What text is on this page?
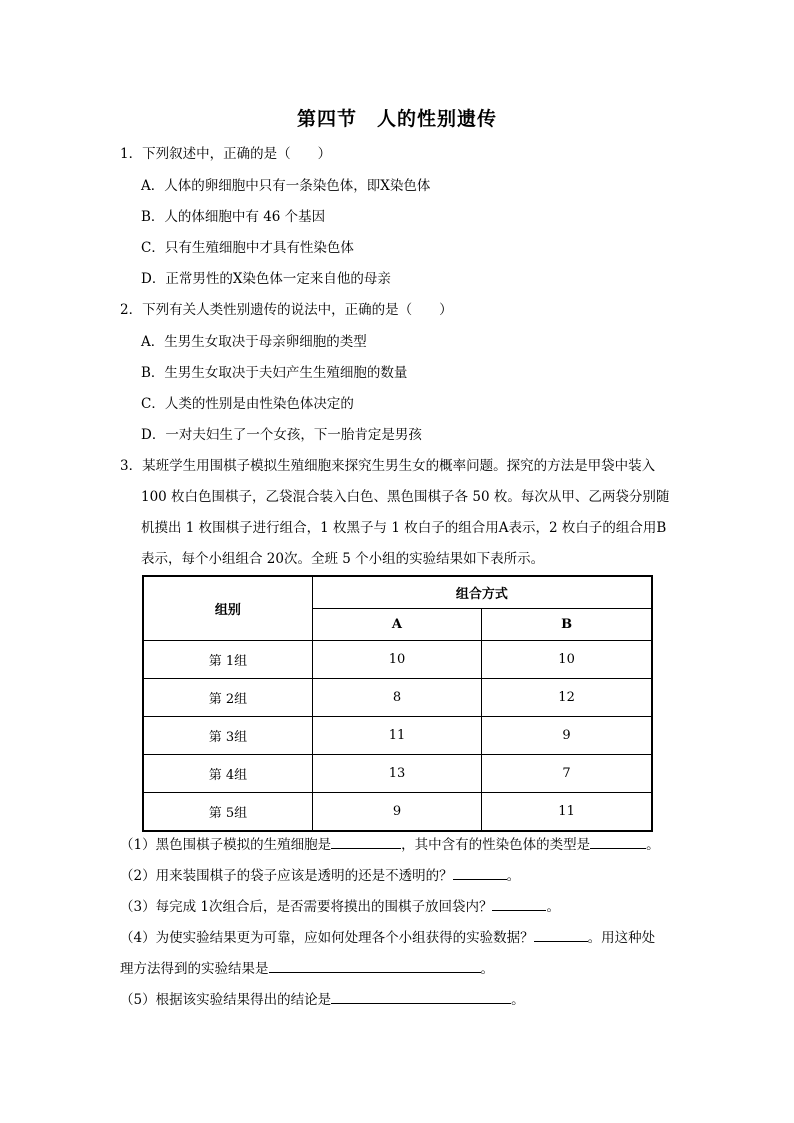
第四节　人的性别遗传
1．下列叙述中，正确的是（　　）
A．人体的卵细胞中只有一条染色体，即X染色体
B．人的体细胞中有 46 个基因
C．只有生殖细胞中才具有性染色体
D．正常男性的X染色体一定来自他的母亲
2．下列有关人类性别遗传的说法中，正确的是（　　）
A．生男生女取决于母亲卵细胞的类型
B．生男生女取决于夫妇产生生殖细胞的数量
C．人类的性别是由性染色体决定的
D．一对夫妇生了一个女孩，下一胎肯定是男孩
3．某班学生用围棋子模拟生殖细胞来探究生男生女的概率问题。探究的方法是甲袋中装入
100 枚白色围棋子，乙袋混合装入白色、黑色围棋子各 50 枚。每次从甲、乙两袋分别随
机摸出 1 枚围棋子进行组合，1 枚黑子与 1 枚白子的组合用A表示，2 枚白子的组合用B
表示，每个小组组合 20次。全班 5 个小组的实验结果如下表所示。
组别	组合方式	
	A	B
第 1组	10	10
第 2组	8	12
第 3组	11	9
第 4组	13	7
第 5组	9	11
（1）黑色围棋子模拟的生殖细胞是	，其中含有的性染色体的类型是	。
（2）用来装围棋子的袋子应该是透明的还是不透明的？	。
（3）每完成 1次组合后，是否需要将摸出的围棋子放回袋内？	。
（4）为使实验结果更为可靠，应如何处理各个小组获得的实验数据？	。用这种处
理方法得到的实验结果是	。
（5）根据该实验结果得出的结论是	。
